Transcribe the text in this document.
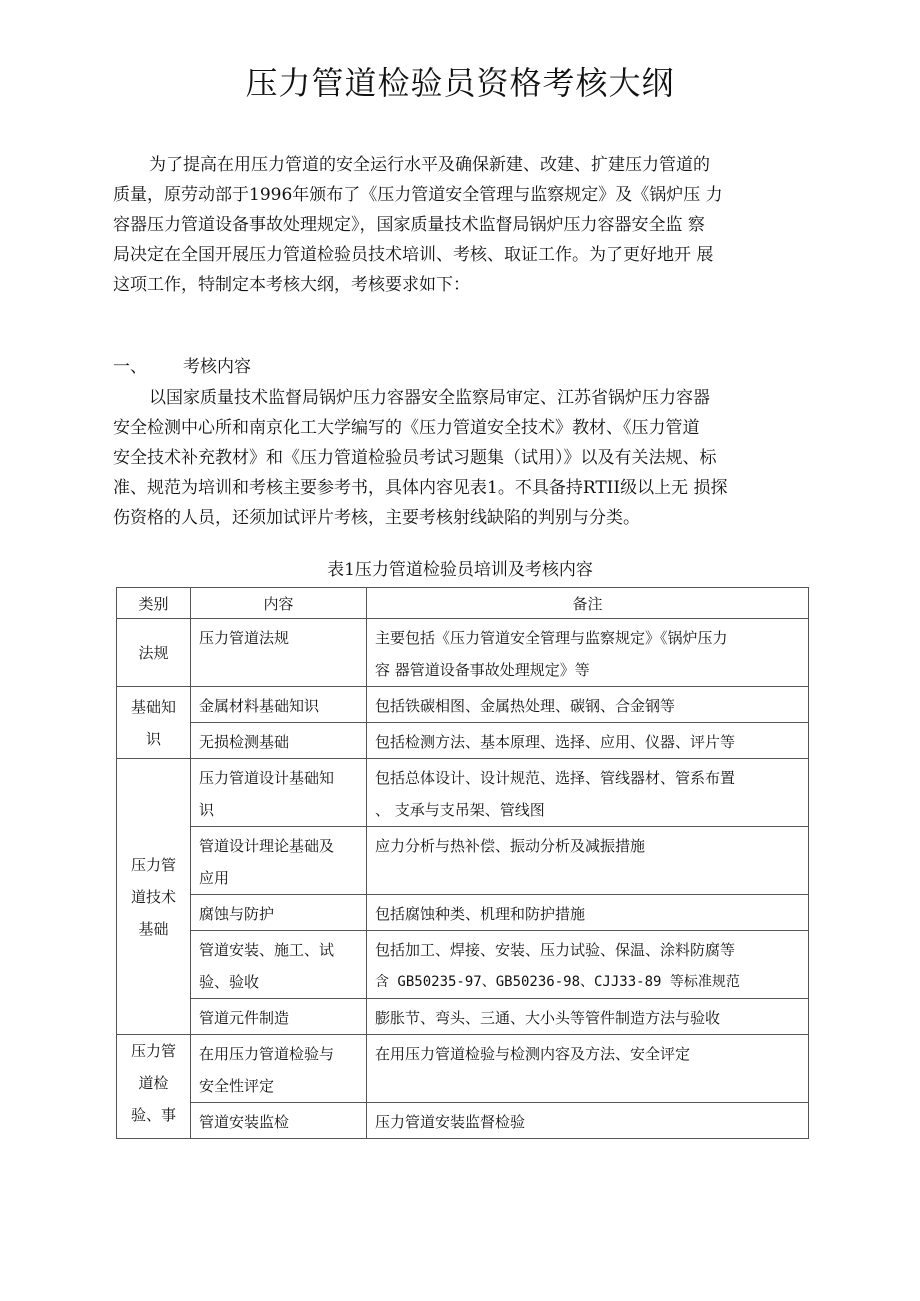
压力管道检验员资格考核大纲

为了提高在用压力管道的安全运行水平及确保新建、改建、扩建压力管道的
质量，原劳动部于1996年颁布了《压力管道安全管理与监察规定》及《锅炉压 力
容器压力管道设备事故处理规定》，国家质量技术监督局锅炉压力容器安全监 察
局决定在全国开展压力管道检验员技术培训、考核、取证工作。为了更好地开 展
这项工作，特制定本考核大纲，考核要求如下：

一、 考核内容

以国家质量技术监督局锅炉压力容器安全监察局审定、江苏省锅炉压力容器
安全检测中心所和南京化工大学编写的《压力管道安全技术》教材、《压力管道
安全技术补充教材》和《压力管道检验员考试习题集（试用）》以及有关法规、标
准、规范为培训和考核主要参考书，具体内容见表1。不具备持RTII级以上无 损探
伤资格的人员，还须加试评片考核，主要考核射线缺陷的判别与分类。

表1压力管道检验员培训及考核内容

类别	内容	备注

法规	压力管道法规	主要包括《压力管道安全管理与监察规定》《锅炉压力
容 器管道设备事故处理规定》等

基础知
识	金属材料基础知识	包括铁碳相图、金属热处理、碳钢、合金钢等

	无损检测基础	包括检测方法、基本原理、选择、应用、仪器、评片等

压力管
道技术
基础	压力管道设计基础知
识	包括总体设计、设计规范、选择、管线器材、管系布置
、 支承与支吊架、管线图

	管道设计理论基础及
应用	应力分析与热补偿、振动分析及减振措施

	腐蚀与防护	包括腐蚀种类、机理和防护措施

	管道安装、施工、试
验、验收	包括加工、焊接、安装、压力试验、保温、涂料防腐等
含 GB50235-97、GB50236-98、CJJ33-89 等标准规范

	管道元件制造	膨胀节、弯头、三通、大小头等管件制造方法与验收

压力管
道检
验、事	在用压力管道检验与
安全性评定	在用压力管道检验与检测内容及方法、安全评定

	管道安装监检	压力管道安装监督检验
